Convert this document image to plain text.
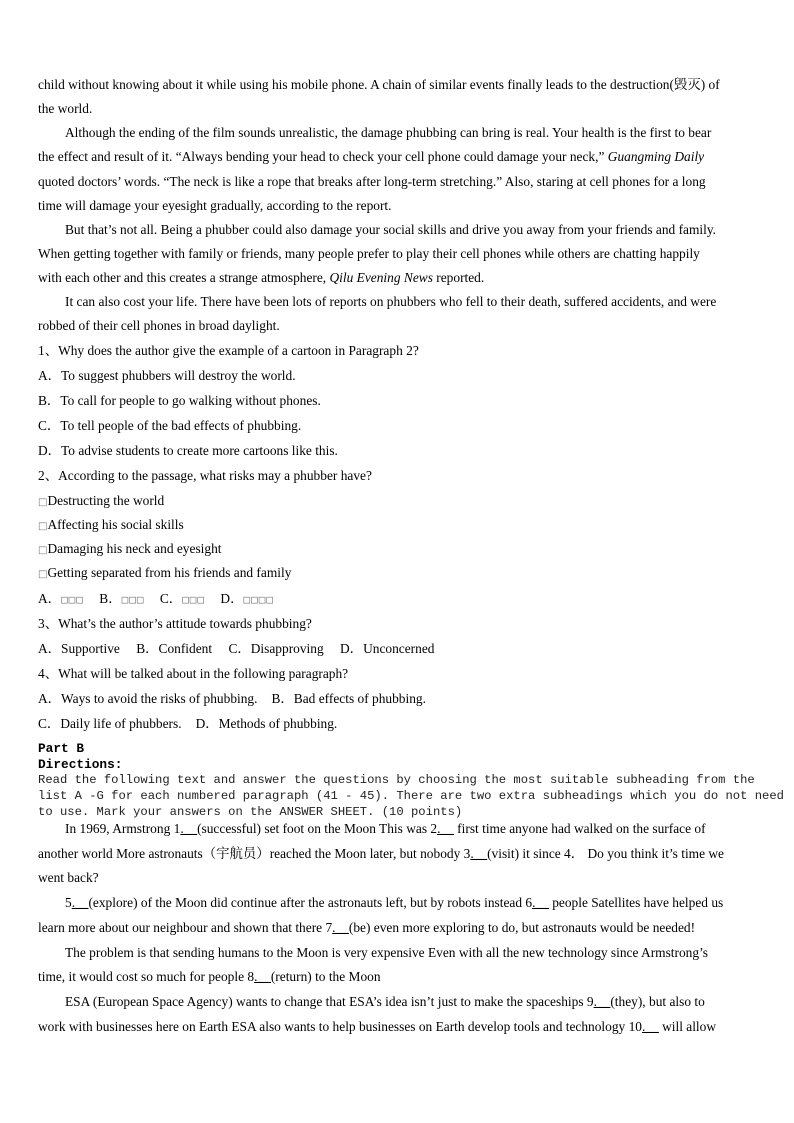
child without knowing about it while using his mobile phone. A chain of similar events finally leads to the destruction(毁灭) of
the world.
Although the ending of the film sounds unrealistic, the damage phubbing can bring is real. Your health is the first to bear
the effect and result of it. “Always bending your head to check your cell phone could damage your neck,” Guangming Daily
quoted doctors’ words. “The neck is like a rope that breaks after long-term stretching.” Also, staring at cell phones for a long
time will damage your eyesight gradually, according to the report.
But that’s not all. Being a phubber could also damage your social skills and drive you away from your friends and family.
When getting together with family or friends, many people prefer to play their cell phones while others are chatting happily
with each other and this creates a strange atmosphere, Qilu Evening News reported.
It can also cost your life. There have been lots of reports on phubbers who fell to their death, suffered accidents, and were
robbed of their cell phones in broad daylight.
1、Why does the author give the example of a cartoon in Paragraph 2?
A．To suggest phubbers will destroy the world.
B．To call for people to go walking without phones.
C．To tell people of the bad effects of phubbing.
D．To advise students to create more cartoons like this.
2、According to the passage, what risks may a phubber have?
□Destructing the world
□Affecting his social skills
□Damaging his neck and eyesight
□Getting separated from his friends and family
A．□□□ B．□□□ C．□□□ D．□□□□
3、What’s the author’s attitude towards phubbing?
A．Supportive B．Confident C．Disapproving D．Unconcerned
4、What will be talked about in the following paragraph?
A．Ways to avoid the risks of phubbing. B．Bad effects of phubbing.
C．Daily life of phubbers. D．Methods of phubbing.
Part B
Directions:
Read the following text and answer the questions by choosing the most suitable subheading from the
list A -G for each numbered paragraph (41 - 45). There are two extra subheadings which you do not need
to use. Mark your answers on the ANSWER SHEET. (10 points)
In 1969, Armstrong 1.__(successful) set foot on the Moon This was 2.__ first time anyone had walked on the surface of
another world More astronauts（宇航员）reached the Moon later, but nobody 3.__(visit) it since 4． Do you think it’s time we
went back?
5.__(explore) of the Moon did continue after the astronauts left, but by robots instead 6.__ people Satellites have helped us
learn more about our neighbour and shown that there 7.__(be) even more exploring to do, but astronauts would be needed!
The problem is that sending humans to the Moon is very expensive Even with all the new technology since Armstrong’s
time, it would cost so much for people 8.__(return) to the Moon
ESA (European Space Agency) wants to change that ESA’s idea isn’t just to make the spaceships 9.__(they), but also to
work with businesses here on Earth ESA also wants to help businesses on Earth develop tools and technology 10.__ will allow
